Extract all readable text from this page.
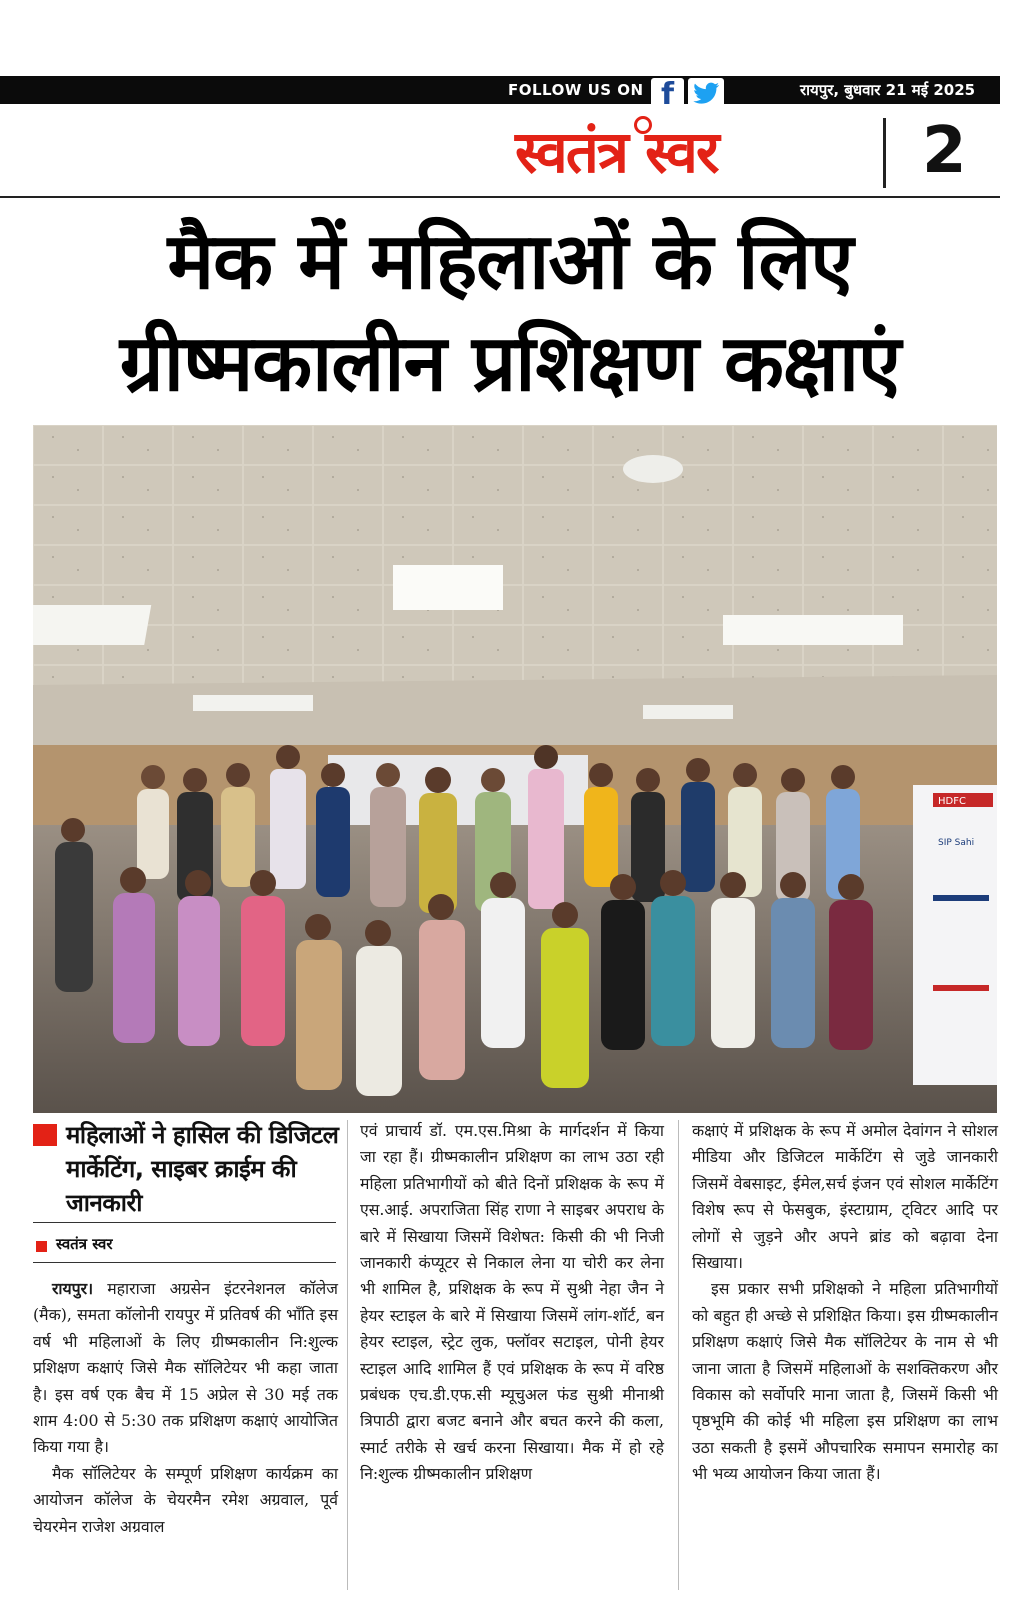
FOLLOW US ON f	रायपुर, बुधवार 21 मई 2025
स्वतंत्र स्वर	2
मैक में महिलाओं के लिए
ग्रीष्मकालीन प्रशिक्षण कक्षाएं
HDFC
SIP Sahi
महिलाओं ने हासिल की डिजिटल मार्केटिंग, साइबर क्राईम की जानकारी
स्वतंत्र स्वर

रायपुर। महाराजा अग्रसेन इंटरनेशनल कॉलेज (मैक), समता कॉलोनी रायपुर में प्रतिवर्ष की भाँति इस वर्ष भी महिलाओं के लिए ग्रीष्मकालीन नि:शुल्क प्रशिक्षण कक्षाएं जिसे मैक सॉलिटेयर भी कहा जाता है। इस वर्ष एक बैच में 15 अप्रेल से 30 मई तक शाम 4:00 से 5:30 तक प्रशिक्षण कक्षाएं आयोजित किया गया है।

मैक सॉलिटेयर के सम्पूर्ण प्रशिक्षण कार्यक्रम का आयोजन कॉलेज के चेयरमैन रमेश अग्रवाल, पूर्व चेयरमेन राजेश अग्रवाल

एवं प्राचार्य डॉ. एम.एस.मिश्रा के मार्गदर्शन में किया जा रहा हैं। ग्रीष्मकालीन प्रशिक्षण का लाभ उठा रही महिला प्रतिभागीयों को बीते दिनों प्रशिक्षक के रूप में एस.आई. अपराजिता सिंह राणा ने साइबर अपराध के बारे में सिखाया जिसमें विशेषत: किसी की भी निजी जानकारी कंप्यूटर से निकाल लेना या चोरी कर लेना भी शामिल है, प्रशिक्षक के रूप में सुश्री नेहा जैन ने हेयर स्टाइल के बारे में सिखाया जिसमें लांग-शॉर्ट, बन हेयर स्टाइल, स्ट्रेट लुक, फ्लॉवर सटाइल, पोनी हेयर स्टाइल आदि शामिल हैं एवं प्रशिक्षक के रूप में वरिष्ठ प्रबंधक एच.डी.एफ.सी म्यूचुअल फंड सुश्री मीनाश्री त्रिपाठी द्वारा बजट बनाने और बचत करने की कला, स्मार्ट तरीके से खर्च करना सिखाया। मैक में हो रहे नि:शुल्क ग्रीष्मकालीन प्रशिक्षण

कक्षाएं में प्रशिक्षक के रूप में अमोल देवांगन ने सोशल मीडिया और डिजिटल मार्केटिंग से जुडे जानकारी जिसमें वेबसाइट, ईमेल,सर्च इंजन एवं सोशल मार्केटिंग विशेष रूप से फेसबुक, इंस्टाग्राम, ट्विटर आदि पर लोगों से जुड़ने और अपने ब्रांड को बढ़ावा देना सिखाया।

इस प्रकार सभी प्रशिक्षको ने महिला प्रतिभागीयों को बहुत ही अच्छे से प्रशिक्षित किया। इस ग्रीष्मकालीन प्रशिक्षण कक्षाएं जिसे मैक सॉलिटेयर के नाम से भी जाना जाता है जिसमें महिलाओं के सशक्तिकरण और विकास को सर्वोपरि माना जाता है, जिसमें किसी भी पृष्ठभूमि की कोई भी महिला इस प्रशिक्षण का लाभ उठा सकती है इसमें औपचारिक समापन समारोह का भी भव्य आयोजन किया जाता हैं।
